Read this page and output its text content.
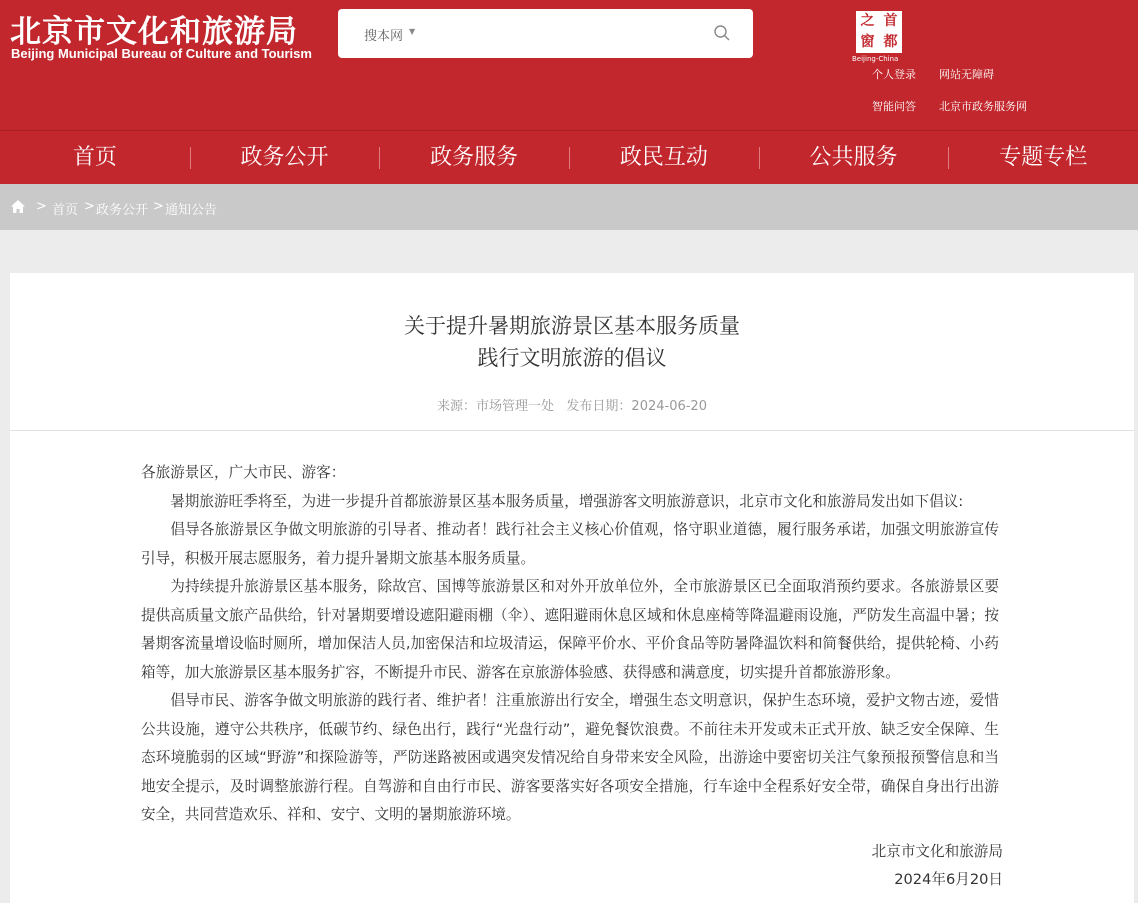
北京市文化和旅游局
Beijing Municipal Bureau of Culture and Tourism
搜本网 ▼
之 首
窗 都
Beijing-China
个人登录 网站无障碍
智能问答 北京市政务服务网
首页	政务公开	政务服务	政民互动	公共服务	专题专栏
> 首页 > 政务公开 > 通知公告
关于提升暑期旅游景区基本服务质量
践行文明旅游的倡议
来源：市场管理一处 发布日期：2024-06-20

各旅游景区，广大市民、游客：

暑期旅游旺季将至，为进一步提升首都旅游景区基本服务质量，增强游客文明旅游意识，北京市文化和旅游局发出如下倡议:

倡导各旅游景区争做文明旅游的引导者、推动者！践行社会主义核心价值观，恪守职业道德，履行服务承诺，加强文明旅游宣传引导，积极开展志愿服务，着力提升暑期文旅基本服务质量。

为持续提升旅游景区基本服务，除故宫、国博等旅游景区和对外开放单位外，全市旅游景区已全面取消预约要求。各旅游景区要提供高质量文旅产品供给，针对暑期要增设遮阳避雨棚（伞）、遮阳避雨休息区域和休息座椅等降温避雨设施，严防发生高温中暑；按暑期客流量增设临时厕所，增加保洁人员,加密保洁和垃圾清运，保障平价水、平价食品等防暑降温饮料和简餐供给，提供轮椅、小药箱等，加大旅游景区基本服务扩容，不断提升市民、游客在京旅游体验感、获得感和满意度，切实提升首都旅游形象。

倡导市民、游客争做文明旅游的践行者、维护者！注重旅游出行安全，增强生态文明意识，保护生态环境，爱护文物古迹，爱惜公共设施，遵守公共秩序，低碳节约、绿色出行，践行“光盘行动”，避免餐饮浪费。不前往未开发或未正式开放、缺乏安全保障、生态环境脆弱的区域“野游”和探险游等，严防迷路被困或遇突发情况给自身带来安全风险，出游途中要密切关注气象预报预警信息和当地安全提示，及时调整旅游行程。自驾游和自由行市民、游客要落实好各项安全措施，行车途中全程系好安全带，确保自身出行出游安全，共同营造欢乐、祥和、安宁、文明的暑期旅游环境。

北京市文化和旅游局
2024年6月20日
